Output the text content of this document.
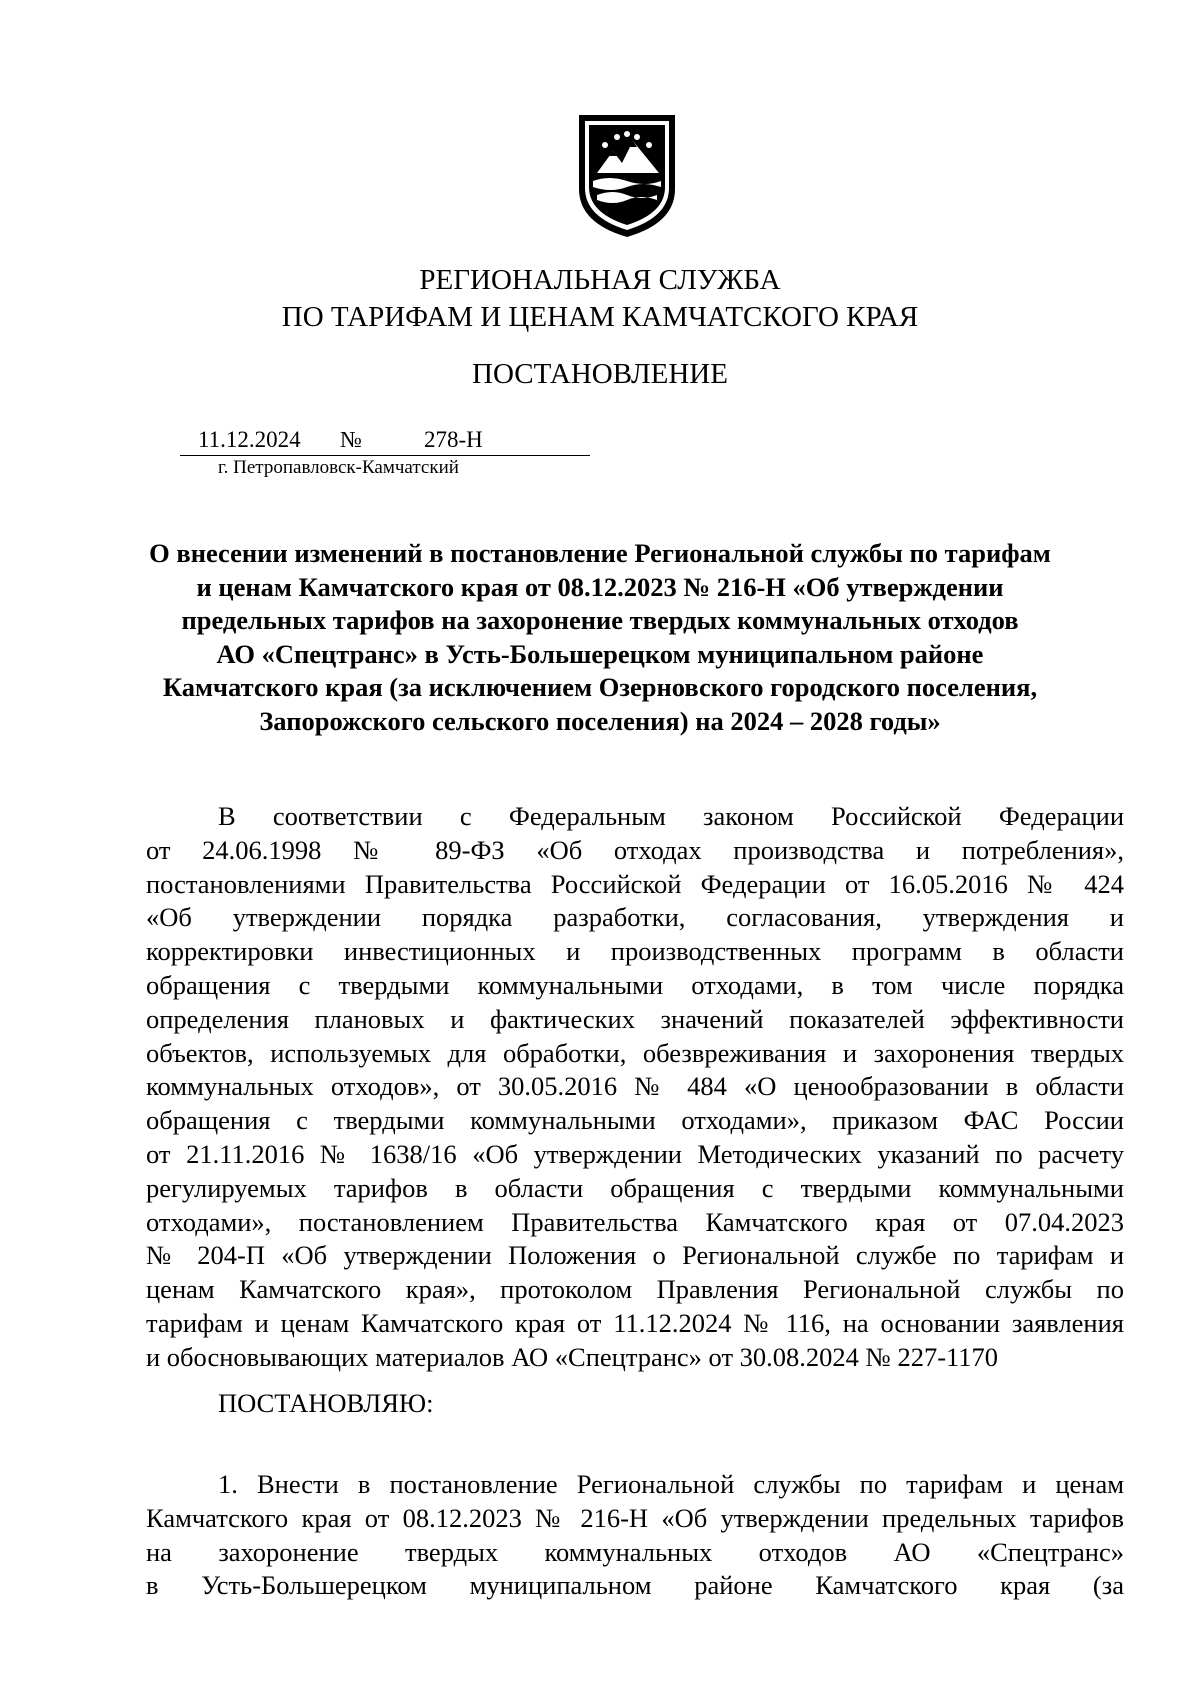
РЕГИОНАЛЬНАЯ СЛУЖБА
ПО ТАРИФАМ И ЦЕНАМ КАМЧАТСКОГО КРАЯ
ПОСТАНОВЛЕНИЕ
11.12.2024 №	278-Н
г. Петропавловск-Камчатский
О внесении изменений в постановление Региональной службы по тарифам
и ценам Камчатского края от 08.12.2023 № 216-Н «Об утверждении
предельных тарифов на захоронение твердых коммунальных отходов
АО «Спецтранс» в Усть-Большерецком муниципальном районе
Камчатского края (за исключением Озерновского городского поселения,
Запорожского сельского поселения) на 2024 – 2028 годы»
В соответствии с Федеральным законом Российской Федерации
от 24.06.1998 № 89-ФЗ «Об отходах производства и потребления»,
постановлениями Правительства Российской Федерации от 16.05.2016 № 424
«Об утверждении порядка разработки, согласования, утверждения и
корректировки инвестиционных и производственных программ в области
обращения с твердыми коммунальными отходами, в том числе порядка
определения плановых и фактических значений показателей эффективности
объектов, используемых для обработки, обезвреживания и захоронения твердых
коммунальных отходов», от 30.05.2016 № 484 «О ценообразовании в области
обращения с твердыми коммунальными отходами», приказом ФАС России
от 21.11.2016 № 1638/16 «Об утверждении Методических указаний по расчету
регулируемых тарифов в области обращения с твердыми коммунальными
отходами», постановлением Правительства Камчатского края от 07.04.2023
№ 204-П «Об утверждении Положения о Региональной службе по тарифам и
ценам Камчатского края», протоколом Правления Региональной службы по
тарифам и ценам Камчатского края от 11.12.2024 № 116, на основании заявления
и обосновывающих материалов АО «Спецтранс» от 30.08.2024 № 227-1170
ПОСТАНОВЛЯЮ:
1. Внести в постановление Региональной службы по тарифам и ценам
Камчатского края от 08.12.2023 № 216-Н «Об утверждении предельных тарифов
на захоронение твердых коммунальных отходов АО «Спецтранс»
в Усть-Большерецком муниципальном районе Камчатского края (за
